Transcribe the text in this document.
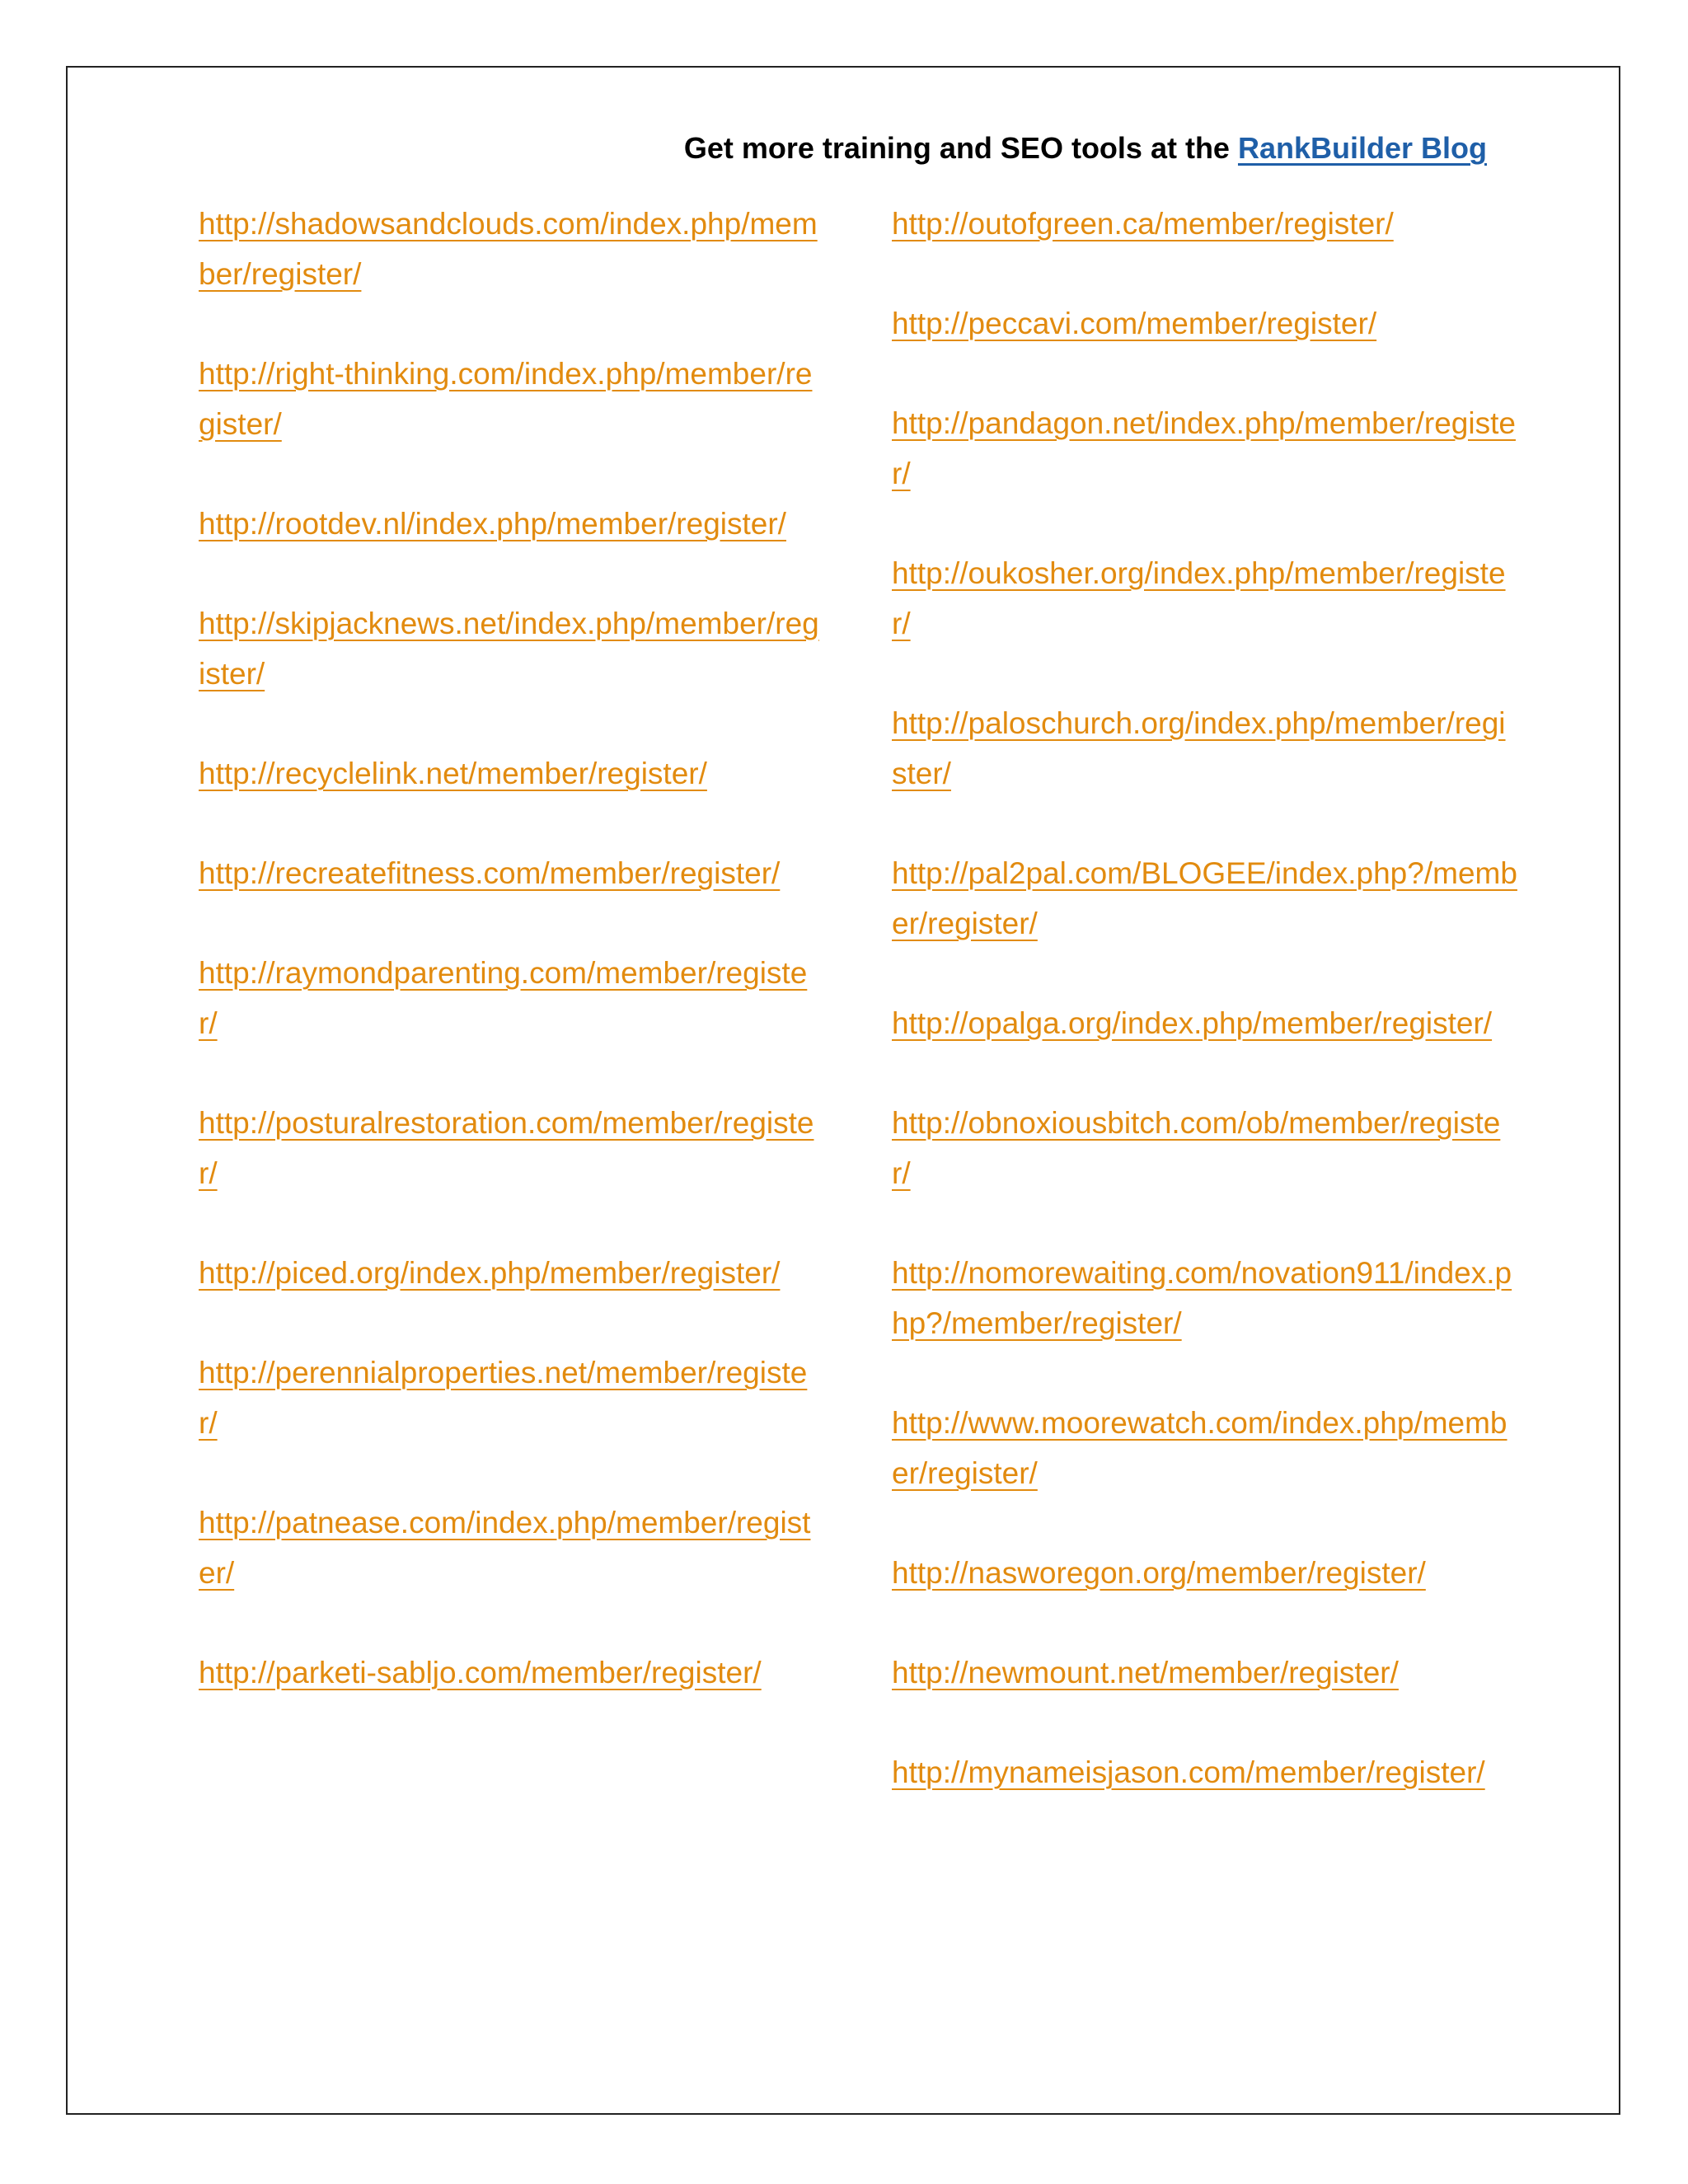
Get more training and SEO tools at the RankBuilder Blog
http://shadowsandclouds.com/index.php/member/register/
http://right-thinking.com/index.php/member/register/
http://rootdev.nl/index.php/member/register/
http://skipjacknews.net/index.php/member/register/
http://recyclelink.net/member/register/
http://recreatefitness.com/member/register/
http://raymondparenting.com/member/register/
http://posturalrestoration.com/member/register/
http://piced.org/index.php/member/register/
http://perennialproperties.net/member/register/
http://patnease.com/index.php/member/register/
http://parketi-sabljo.com/member/register/
http://outofgreen.ca/member/register/
http://peccavi.com/member/register/
http://pandagon.net/index.php/member/register/
http://oukosher.org/index.php/member/register/
http://paloschurch.org/index.php/member/register/
http://pal2pal.com/BLOGEE/index.php?/member/register/
http://opalga.org/index.php/member/register/
http://obnoxiousbitch.com/ob/member/register/
http://nomorewaiting.com/novation911/index.php?/member/register/
http://www.moorewatch.com/index.php/member/register/
http://nasworegon.org/member/register/
http://newmount.net/member/register/
http://mynameisjason.com/member/register/
